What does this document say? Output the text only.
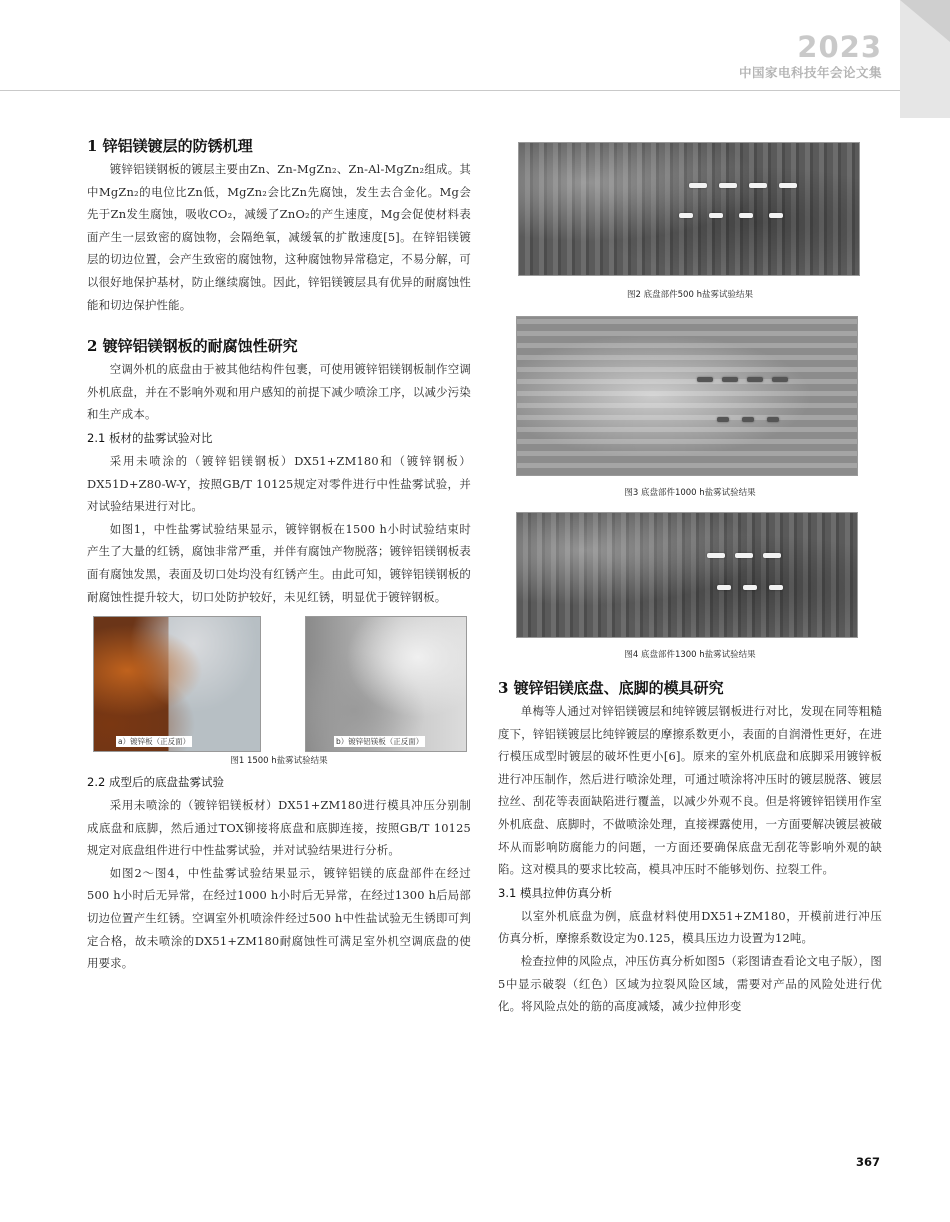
2023
中国家电科技年会论文集
1 锌铝镁镀层的防锈机理

镀锌铝镁钢板的镀层主要由Zn、Zn-MgZn₂、Zn-Al-MgZn₂组成。其中MgZn₂的电位比Zn低，MgZn₂会比Zn先腐蚀，发生去合金化。Mg会先于Zn发生腐蚀，吸收CO₂，减缓了ZnO₂的产生速度，Mg会促使材料表面产生一层致密的腐蚀物，会隔绝氧，减缓氧的扩散速度[5]。在锌铝镁镀层的切边位置，会产生致密的腐蚀物，这种腐蚀物异常稳定，不易分解，可以很好地保护基材，防止继续腐蚀。因此，锌铝镁镀层具有优异的耐腐蚀性能和切边保护性能。

2 镀锌铝镁钢板的耐腐蚀性研究

空调外机的底盘由于被其他结构件包裹，可使用镀锌铝镁钢板制作空调外机底盘，并在不影响外观和用户感知的前提下减少喷涂工序，以减少污染和生产成本。

2.1 板材的盐雾试验对比

采用未喷涂的（镀锌铝镁钢板）DX51+ZM180和（镀锌钢板）DX51D+Z80-W-Y，按照GB/T 10125规定对零件进行中性盐雾试验，并对试验结果进行对比。

如图1，中性盐雾试验结果显示，镀锌钢板在1500 h小时试验结束时产生了大量的红锈，腐蚀非常严重，并伴有腐蚀产物脱落；镀锌铝镁钢板表面有腐蚀发黑，表面及切口处均没有红锈产生。由此可知，镀锌铝镁钢板的耐腐蚀性提升较大，切口处防护较好，未见红锈，明显优于镀锌钢板。

a）镀锌板（正反面）	b）镀锌铝镁板（正反面）
图1 1500 h盐雾试验结果
2.2 成型后的底盘盐雾试验

采用未喷涂的（镀锌铝镁板材）DX51+ZM180进行模具冲压分别制成底盘和底脚，然后通过TOX铆接将底盘和底脚连接，按照GB/T 10125规定对底盘组件进行中性盐雾试验，并对试验结果进行分析。

如图2～图4，中性盐雾试验结果显示，镀锌铝镁的底盘部件在经过500 h小时后无异常，在经过1000 h小时后无异常，在经过1300 h后局部切边位置产生红锈。空调室外机喷涂件经过500 h中性盐试验无生锈即可判定合格，故未喷涂的DX51+ZM180耐腐蚀性可满足室外机空调底盘的使用要求。

图2 底盘部件500 h盐雾试验结果
图3 底盘部件1000 h盐雾试验结果
图4 底盘部件1300 h盐雾试验结果
3 镀锌铝镁底盘、底脚的模具研究

单梅等人通过对锌铝镁镀层和纯锌镀层钢板进行对比，发现在同等粗糙度下，锌铝镁镀层比纯锌镀层的摩擦系数更小，表面的自润滑性更好，在进行模压成型时镀层的破坏性更小[6]。原来的室外机底盘和底脚采用镀锌板进行冲压制作，然后进行喷涂处理，可通过喷涂将冲压时的镀层脱落、镀层拉丝、刮花等表面缺陷进行覆盖，以减少外观不良。但是将镀锌铝镁用作室外机底盘、底脚时，不做喷涂处理，直接裸露使用，一方面要解决镀层被破坏从而影响防腐能力的问题，一方面还要确保底盘无刮花等影响外观的缺陷。这对模具的要求比较高，模具冲压时不能够划伤、拉裂工件。

3.1 模具拉伸仿真分析

以室外机底盘为例，底盘材料使用DX51+ZM180，开模前进行冲压仿真分析，摩擦系数设定为0.125，模具压边力设置为12吨。

检查拉伸的风险点，冲压仿真分析如图5（彩图请查看论文电子版），图5中显示破裂（红色）区域为拉裂风险区域，需要对产品的风险处进行优化。将风险点处的筋的高度减矮，减少拉伸形变

367
